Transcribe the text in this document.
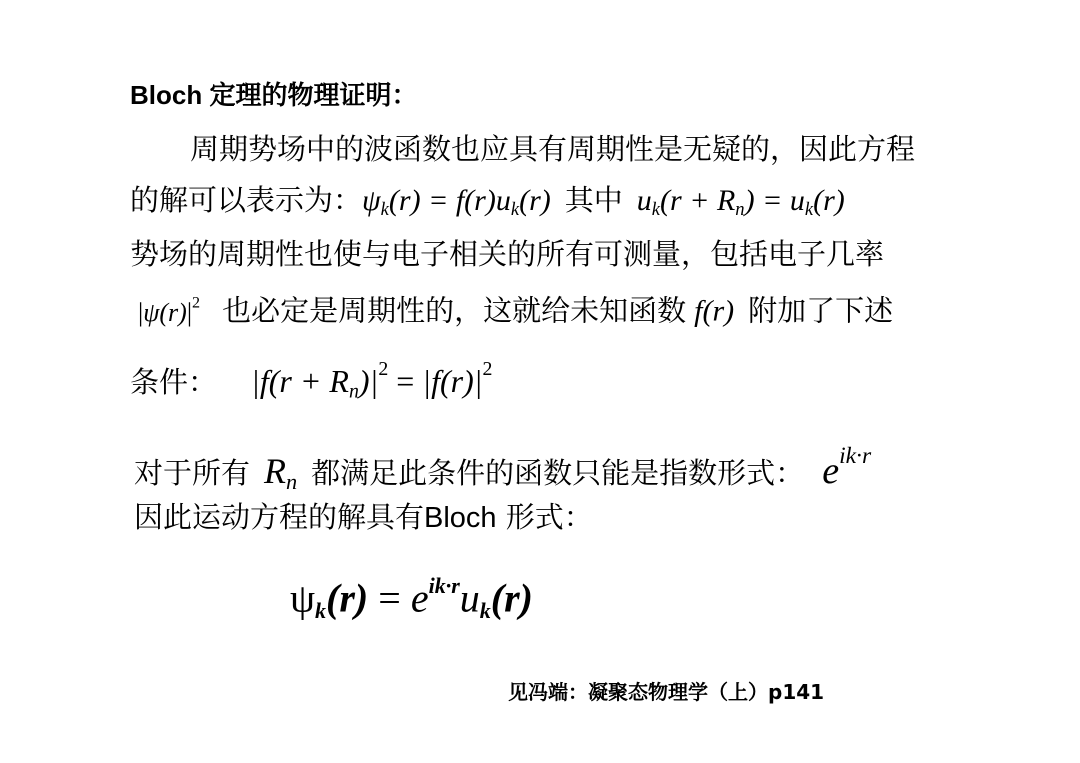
Bloch 定理的物理证明：
周期势场中的波函数也应具有周期性是无疑的，因此方程
的解可以表示为：$\psi_k(r) = f(r)u_k(r)$ 其中 $u_k(r + R_n) = u_k(r)$
势场的周期性也使与电子相关的所有可测量，包括电子几率
$|\psi(r)|^2$ 也必定是周期性的，这就给未知函数 f(r) 附加了下述
条件： $|f(r + R_n)|^2 = |f(r)|^2$
对于所有 $R_n$ 都满足此条件的函数只能是指数形式： $e^{ik\cdot r}$
因此运动方程的解具有Bloch 形式：
$\psi_k(r) = e^{ik\cdot r}u_k(r)$
见冯端：凝聚态物理学（上）p141
